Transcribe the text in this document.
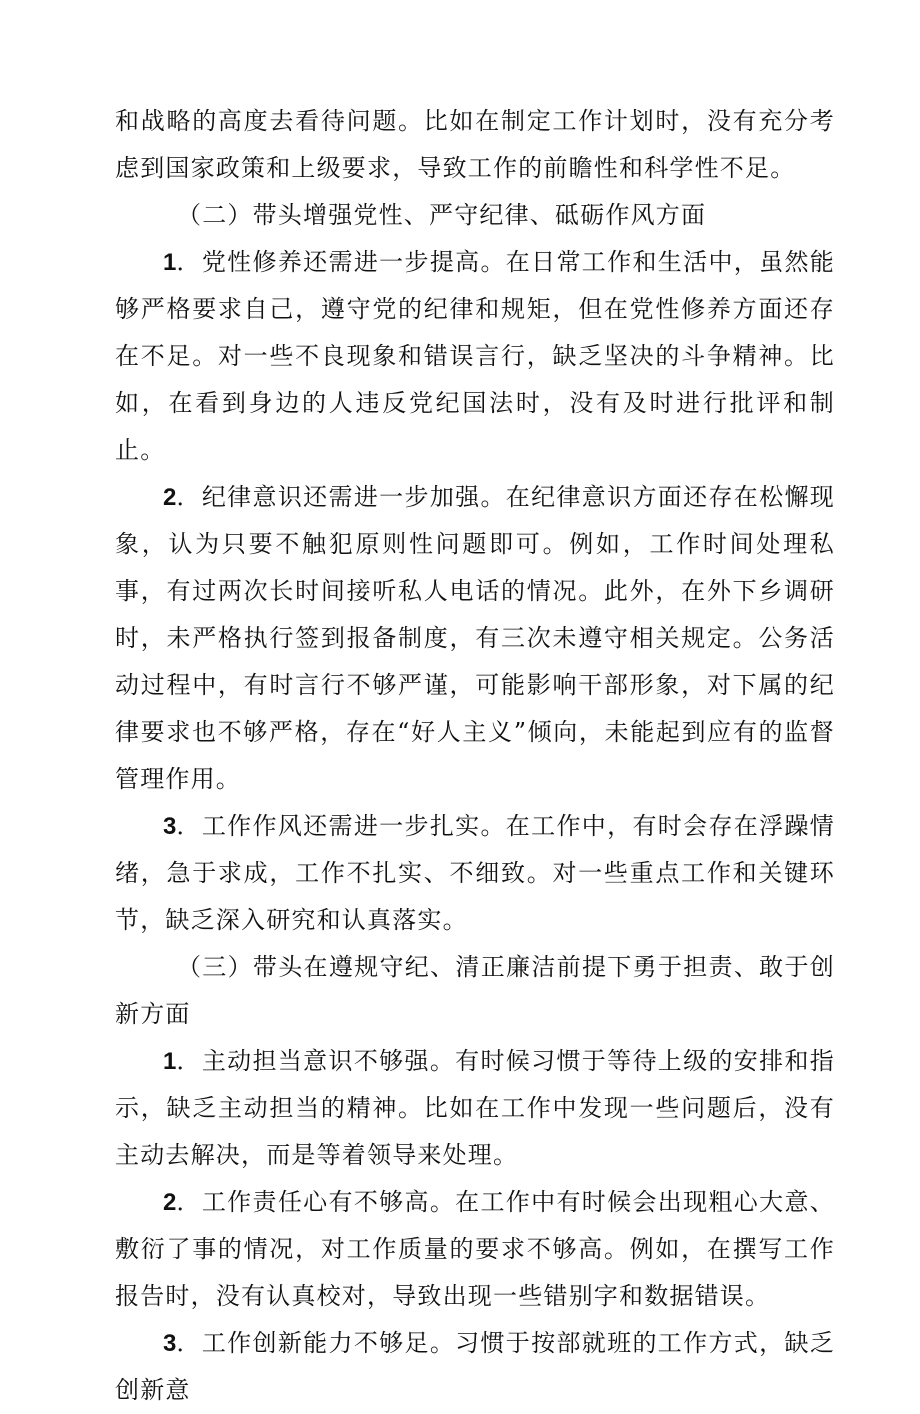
和战略的高度去看待问题。比如在制定工作计划时，没有充分考虑到国家政策和上级要求，导致工作的前瞻性和科学性不足。

（二）带头增强党性、严守纪律、砥砺作风方面

1．党性修养还需进一步提高。在日常工作和生活中，虽然能够严格要求自己，遵守党的纪律和规矩，但在党性修养方面还存在不足。对一些不良现象和错误言行，缺乏坚决的斗争精神。比如，在看到身边的人违反党纪国法时，没有及时进行批评和制止。

2．纪律意识还需进一步加强。在纪律意识方面还存在松懈现象，认为只要不触犯原则性问题即可。例如，工作时间处理私事，有过两次长时间接听私人电话的情况。此外，在外下乡调研时，未严格执行签到报备制度，有三次未遵守相关规定。公务活动过程中，有时言行不够严谨，可能影响干部形象，对下属的纪律要求也不够严格，存在“好人主义”倾向，未能起到应有的监督管理作用。

3．工作作风还需进一步扎实。在工作中，有时会存在浮躁情绪，急于求成，工作不扎实、不细致。对一些重点工作和关键环节，缺乏深入研究和认真落实。

（三）带头在遵规守纪、清正廉洁前提下勇于担责、敢于创新方面

1．主动担当意识不够强。有时候习惯于等待上级的安排和指示，缺乏主动担当的精神。比如在工作中发现一些问题后，没有主动去解决，而是等着领导来处理。

2．工作责任心有不够高。在工作中有时候会出现粗心大意、敷衍了事的情况，对工作质量的要求不够高。例如，在撰写工作报告时，没有认真校对，导致出现一些错别字和数据错误。

3．工作创新能力不够足。习惯于按部就班的工作方式，缺乏创新意
